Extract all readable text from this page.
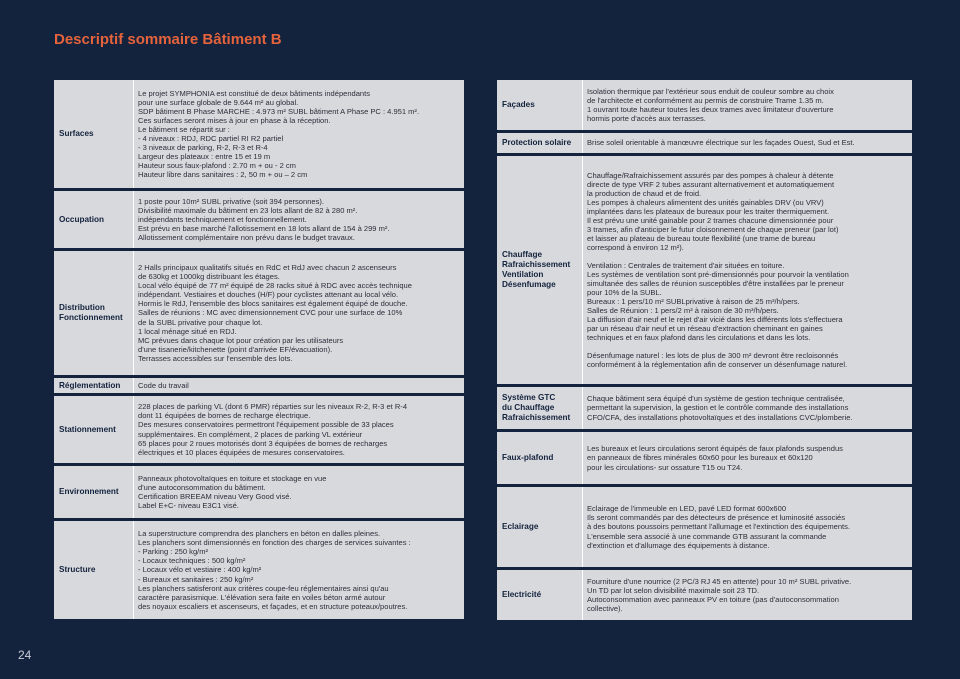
Descriptif sommaire Bâtiment B
Surfaces
Le projet SYMPHONIA est constitué de deux bâtiments indépendants
pour une surface globale de 9.644 m² au global.
SDP bâtiment B Phase MARCHE : 4.973 m² SUBL bâtiment A Phase PC : 4.951 m².
Ces surfaces seront mises à jour en phase à la réception.
Le bâtiment se répartit sur :
- 4 niveaux : RDJ, RDC partiel RI R2 partiel
- 3 niveaux de parking, R-2, R-3 et R-4
Largeur des plateaux : entre 15 et 19 m
Hauteur sous faux-plafond : 2.70 m + ou - 2 cm
Hauteur libre dans sanitaires : 2, 50 m + ou – 2 cm
Occupation
1 poste pour 10m² SUBL privative (soit 394 personnes).
Divisibilité maximale du bâtiment en 23 lots allant de 82 à 280 m².
indépendants techniquement et fonctionnellement.
Est prévu en base marché l'allotissement en 18 lots allant de 154 à 299 m².
Allotissement complémentaire non prévu dans le budget travaux.
Distribution
Fonctionnement
2 Halls principaux qualitatifs situés en RdC et RdJ avec chacun 2 ascenseurs
de 630kg et 1000kg distribuant les étages.
Local vélo équipé de 77 m² équipé de 28 racks situé à RDC avec accès technique
indépendant. Vestiaires et douches (H/F) pour cyclistes attenant au local vélo.
Hormis le RdJ, l'ensemble des blocs sanitaires est également équipé de douche.
Salles de réunions : MC avec dimensionnement CVC pour une surface de 10%
de la SUBL privative pour chaque lot.
1 local ménage situé en RDJ.
MC prévues dans chaque lot pour création par les utilisateurs
d'une tisanerie/kitchenette (point d'arrivée EF/évacuation).
Terrasses accessibles sur l'ensemble des lots.
Réglementation Code du travail
Stationnement
228 places de parking VL (dont 6 PMR) réparties sur les niveaux R-2, R-3 et R-4
dont 11 équipées de bornes de recharge électrique.
Des mesures conservatoires permettront l'équipement possible de 33 places
supplémentaires. En complément, 2 places de parking VL extérieur
65 places pour 2 roues motorisés dont 3 équipées de bornes de recharges
électriques et 10 places équipées de mesures conservatoires.
Environnement
Panneaux photovoltaïques en toiture et stockage en vue
d'une autoconsommation du bâtiment.
Certification BREEAM niveau Very Good visé.
Label E+C- niveau E3C1 visé.
Structure
La superstructure comprendra des planchers en béton en dalles pleines.
Les planchers sont dimensionnés en fonction des charges de services suivantes :
- Parking : 250 kg/m²
- Locaux techniques : 500 kg/m²
- Locaux vélo et vestiaire : 400 kg/m²
- Bureaux et sanitaires : 250 kg/m²
Les planchers satisferont aux critères coupe-feu réglementaires ainsi qu'au
caractère parasismique. L'élévation sera faite en voiles béton armé autour
des noyaux escaliers et ascenseurs, et façades, et en structure poteaux/poutres.
Façades
Isolation thermique par l'extérieur sous enduit de couleur sombre au choix
de l'architecte et conformément au permis de construire Trame 1.35 m.
1 ouvrant toute hauteur toutes les deux trames avec limitateur d'ouverture
hormis porte d'accès aux terrasses.
Protection solaire Brise soleil orientable à manœuvre électrique sur les façades Ouest, Sud et Est.
Chauffage
Rafraichissement
Ventilation
Désenfumage
Chauffage/Rafraichissement assurés par des pompes à chaleur à détente
directe de type VRF 2 tubes assurant alternativement et automatiquement
la production de chaud et de froid.
Les pompes à chaleurs alimentent des unités gainables DRV (ou VRV)
implantées dans les plateaux de bureaux pour les traiter thermiquement.
Il est prévu une unité gainable pour 2 trames chacune dimensionnée pour
3 trames, afin d'anticiper le futur cloisonnement de chaque preneur (par lot)
et laisser au plateau de bureau toute flexibilité (une trame de bureau
correspond à environ 12 m²).
Ventilation : Centrales de traitement d'air situées en toiture.
Les systèmes de ventilation sont pré-dimensionnés pour pourvoir la ventilation
simultanée des salles de réunion susceptibles d'être installées par le preneur
pour 10% de la SUBL.
Bureaux : 1 pers/10 m² SUBLprivative à raison de 25 m³/h/pers.
Salles de Réunion : 1 pers/2 m² à raison de 30 m³/h/pers.
La diffusion d'air neuf et le rejet d'air vicié dans les différents lots s'effectuera
par un réseau d'air neuf et un réseau d'extraction cheminant en gaines
techniques et en faux plafond dans les circulations et dans les lots.
Désenfumage naturel : les lots de plus de 300 m² devront être recloisonnés
conformément à la réglementation afin de conserver un désenfumage naturel.
Système GTC
du Chauffage
Rafraichissement
Chaque bâtiment sera équipé d'un système de gestion technique centralisée,
permettant la supervision, la gestion et le contrôle commande des installations
CFO/CFA, des installations photovoltaïques et des installations CVC/plomberie.
Faux-plafond
Les bureaux et leurs circulations seront équipés de faux plafonds suspendus
en panneaux de fibres minérales 60x60 pour les bureaux et 60x120
pour les circulations- sur ossature T15 ou T24.
Eclairage
Eclairage de l'immeuble en LED, pavé LED format 600x600
Ils seront commandés par des détecteurs de présence et luminosité associés
à des boutons poussoirs permettant l'allumage et l'extinction des équipements.
L'ensemble sera associé à une commande GTB assurant la commande
d'extinction et d'allumage des équipements à distance.
Electricité
Fourniture d'une nourrice (2 PC/3 RJ 45 en attente) pour 10 m² SUBL privative.
Un TD par lot selon divisibilité maximale soit 23 TD.
Autoconsommation avec panneaux PV en toiture (pas d'autoconsommation
collective).
24
